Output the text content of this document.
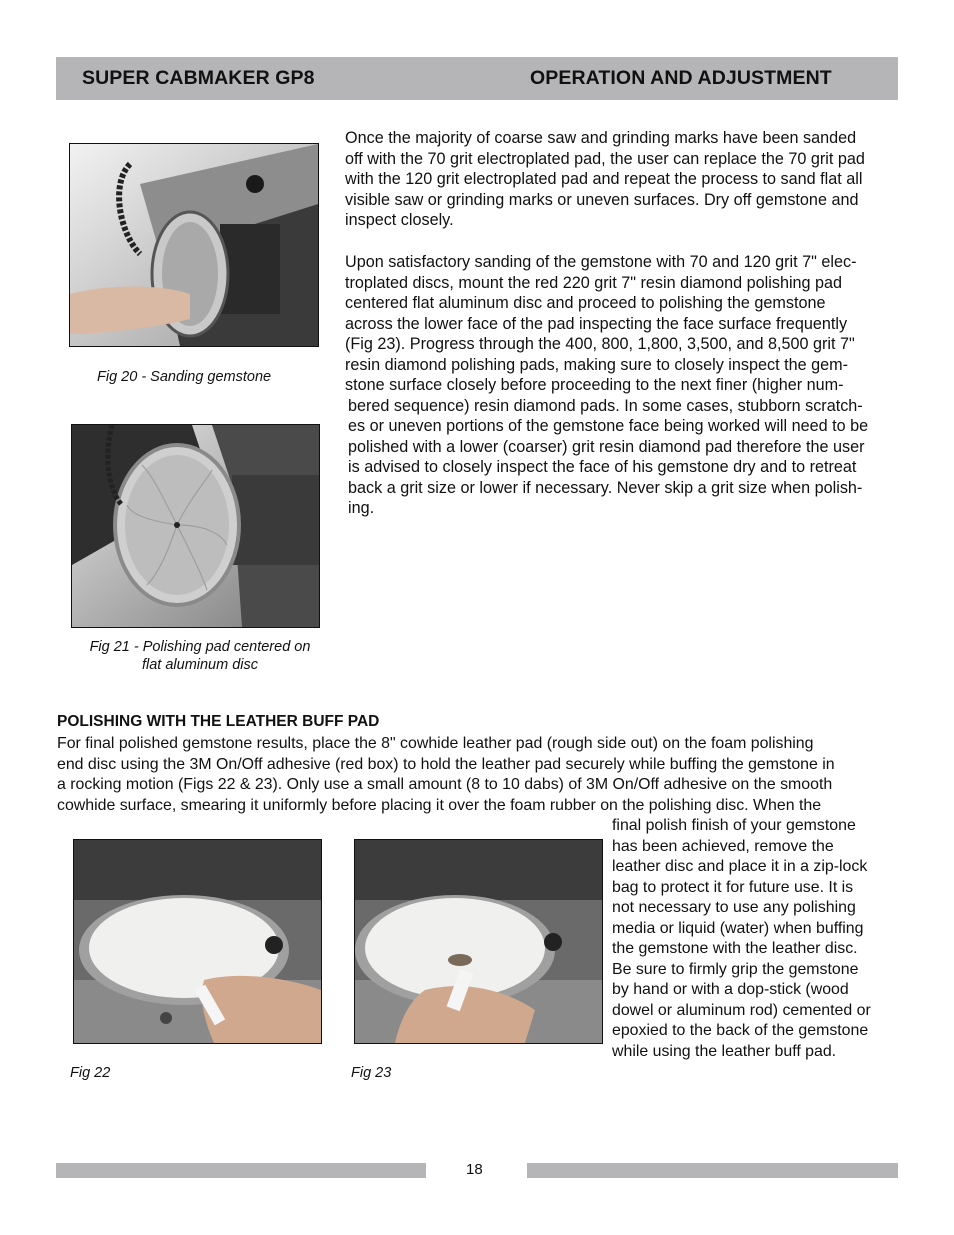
SUPER CABMAKER GP8	OPERATION AND ADJUSTMENT
Fig 20 - Sanding gemstone
Fig 21 - Polishing pad centered on
flat aluminum disc
Once the majority of coarse saw and grinding marks have been sanded
off with the 70 grit electroplated pad, the user can replace the 70 grit pad
with the 120 grit electroplated pad and repeat the process to sand flat all
visible saw or grinding marks or uneven surfaces. Dry off gemstone and
inspect closely.
Upon satisfactory sanding of the gemstone with 70 and 120 grit 7" elec-
troplated discs, mount the red 220 grit 7" resin diamond polishing pad
centered flat aluminum disc and proceed to polishing the gemstone
across the lower face of the pad inspecting the face surface frequently
(Fig 23). Progress through the 400, 800, 1,800, 3,500, and 8,500 grit 7"
resin diamond polishing pads, making sure to closely inspect the gem-
stone surface closely before proceeding to the next finer (higher num-
bered sequence) resin diamond pads. In some cases, stubborn scratch-
es or uneven portions of the gemstone face being worked will need to be
polished with a lower (coarser) grit resin diamond pad therefore the user
is advised to closely inspect the face of his gemstone dry and to retreat
back a grit size or lower if necessary. Never skip a grit size when polish-
ing.
POLISHING WITH THE LEATHER BUFF PAD
For final polished gemstone results, place the 8" cowhide leather pad (rough side out) on the foam polishing
end disc using the 3M On/Off adhesive (red box) to hold the leather pad securely while buffing the gemstone in
a rocking motion (Figs 22 & 23). Only use a small amount (8 to 10 dabs) of 3M On/Off adhesive on the smooth
cowhide surface, smearing it uniformly before placing it over the foam rubber on the polishing disc. When the
final polish finish of your gemstone
has been achieved, remove the
leather disc and place it in a zip-lock
bag to protect it for future use. It is
not necessary to use any polishing
media or liquid (water) when buffing
the gemstone with the leather disc.
Be sure to firmly grip the gemstone
by hand or with a dop-stick (wood
dowel or aluminum rod) cemented or
epoxied to the back of the gemstone
while using the leather buff pad.
Fig 22	Fig 23
18
